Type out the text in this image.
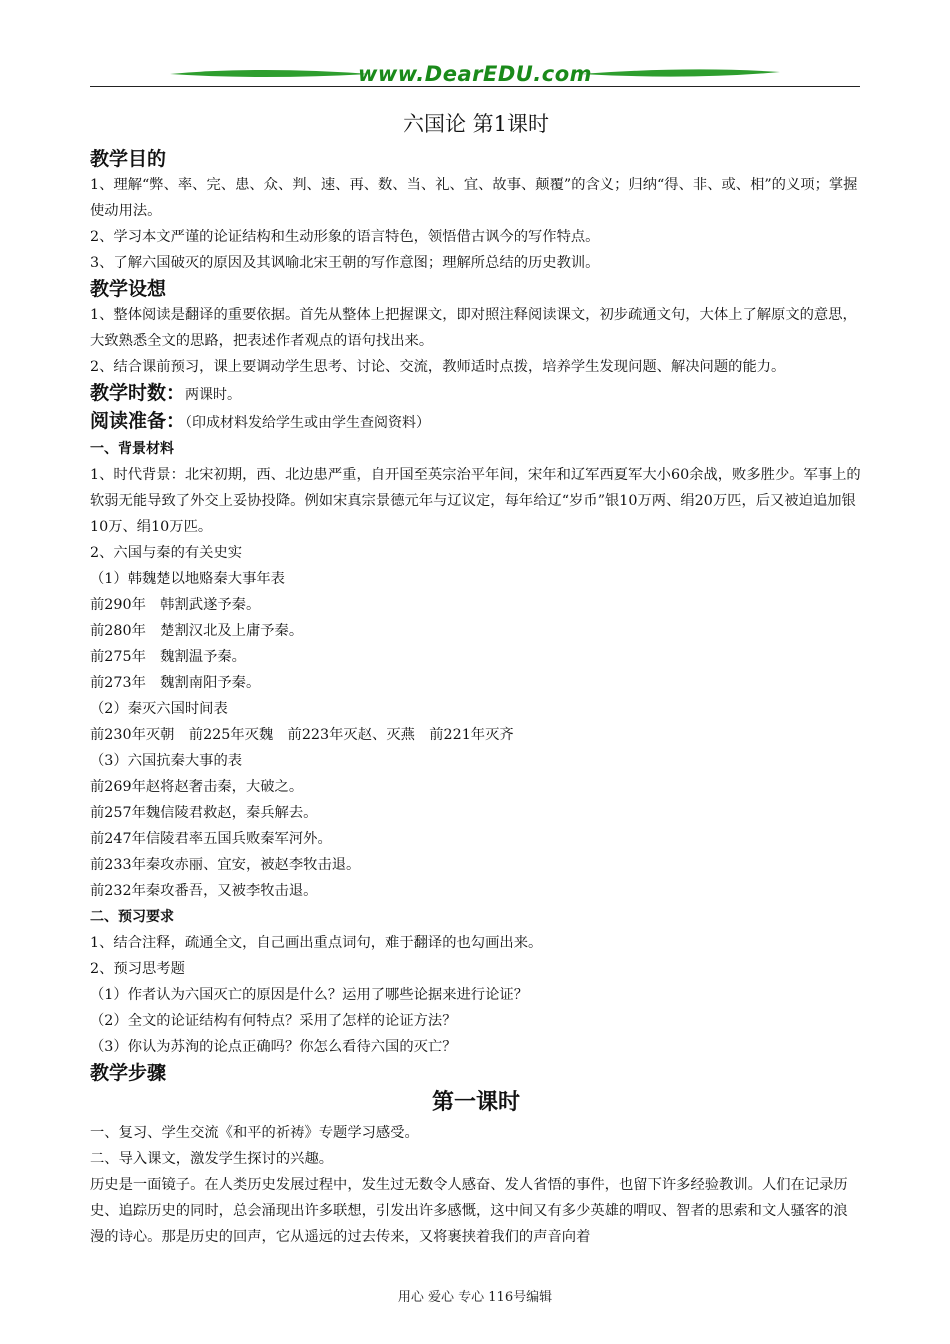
www.DearEDU.com
六国论 第1课时
教学目的

1、理解“弊、率、完、患、众、判、速、再、数、当、礼、宜、故事、颠覆”的含义；归纳“得、非、或、相”的义项；掌握使动用法。

2、学习本文严谨的论证结构和生动形象的语言特色，领悟借古讽今的写作特点。

3、了解六国破灭的原因及其讽喻北宋王朝的写作意图；理解所总结的历史教训。

教学设想

1、整体阅读是翻译的重要依据。首先从整体上把握课文，即对照注释阅读课文，初步疏通文句，大体上了解原文的意思，大致熟悉全文的思路，把表述作者观点的语句找出来。

2、结合课前预习，课上要调动学生思考、讨论、交流，教师适时点拨，培养学生发现问题、解决问题的能力。

教学时数：两课时。
阅读准备：（印成材料发给学生或由学生查阅资料）
一、背景材料

1、时代背景：北宋初期，西、北边患严重，自开国至英宗治平年间，宋年和辽军西夏军大小60余战，败多胜少。军事上的软弱无能导致了外交上妥协投降。例如宋真宗景德元年与辽议定，每年给辽“岁币”银10万两、绢20万匹，后又被迫追加银10万、绢10万匹。

2、六国与秦的有关史实

（1）韩魏楚以地赂秦大事年表

前290年　韩割武遂予秦。

前280年　楚割汉北及上庸予秦。

前275年　魏割温予秦。

前273年　魏割南阳予秦。

（2）秦灭六国时间表

前230年灭朝　前225年灭魏　前223年灭赵、灭燕　前221年灭齐

（3）六国抗秦大事的表

前269年赵将赵奢击秦，大破之。

前257年魏信陵君救赵，秦兵解去。

前247年信陵君率五国兵败秦军河外。

前233年秦攻赤丽、宜安，被赵李牧击退。

前232年秦攻番吾，又被李牧击退。

二、预习要求

1、结合注释，疏通全文，自己画出重点词句，难于翻译的也勾画出来。

2、预习思考题

（1）作者认为六国灭亡的原因是什么？运用了哪些论据来进行论证？

（2）全文的论证结构有何特点？采用了怎样的论证方法？

（3）你认为苏洵的论点正确吗？你怎么看待六国的灭亡？

教学步骤
第一课时

一、复习、学生交流《和平的祈祷》专题学习感受。

二、导入课文，激发学生探讨的兴趣。

历史是一面镜子。在人类历史发展过程中，发生过无数令人感奋、发人省悟的事件，也留下许多经验教训。人们在记录历史、追踪历史的同时，总会涌现出许多联想，引发出许多感慨，这中间又有多少英雄的喟叹、智者的思索和文人骚客的浪漫的诗心。那是历史的回声，它从遥远的过去传来，又将裹挟着我们的声音向着

用心 爱心 专心 116号编辑
